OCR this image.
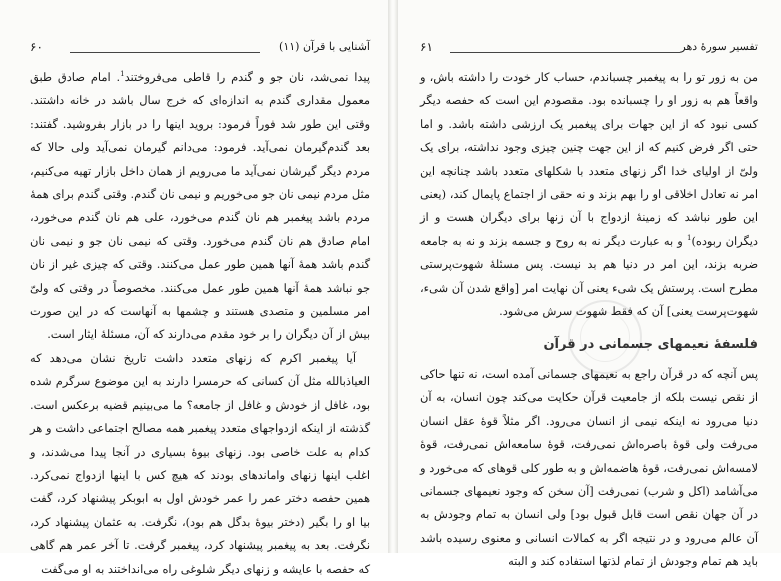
آشنایی با قرآن (۱۱)
۶۰

پیدا نمی‌شد، نان جو و گندم را قاطی می‌فروختند$^1$. امام صادق طبق معمول مقداری گندم به اندازه‌ای که خرج سال باشد در خانه داشتند. وقتی این طور شد فوراً فرمود: بروید اینها را در بازار بفروشید. گفتند: بعد گندم‌گیرمان نمی‌آید. فرمود: می‌دانم گیرمان نمی‌آید ولی حالا که مردم دیگر گیرشان نمی‌آید ما می‌رویم از همان داخل بازار تهیه می‌کنیم، مثل مردم نیمی نان جو می‌خوریم و نیمی نان گندم. وقتی گندم برای همهٔ مردم باشد پیغمبر هم نان گندم می‌خورد، علی هم نان گندم می‌خورد، امام صادق هم نان گندم می‌خورد. وقتی که نیمی نان جو و نیمی نان گندم باشد همهٔ آنها همین طور عمل می‌کنند. وقتی که چیزی غیر از نان جو نباشد همهٔ آنها همین طور عمل می‌کنند. مخصوصاً در وقتی که ولیّ امر مسلمین و متصدی هستند و چشمها به آنهاست که در این صورت بیش از آن دیگران را بر خود مقدم می‌دارند که آن، مسئلهٔ ایثار است.

آیا پیغمبر اکرم که زنهای متعدد داشت تاریخ نشان می‌دهد که العیاذبالله مثل آن کسانی که حرمسرا دارند به این موضوع سرگرم شده بود، غافل از خودش و غافل از جامعه؟ ما می‌بینیم قضیه برعکس است. گذشته از اینکه ازدواجهای متعدد پیغمبر همه مصالح اجتماعی داشت و هر کدام به علت خاصی بود. زنهای بیوهٔ بسیاری در آنجا پیدا می‌شدند، و اغلب اینها زنهای واماندهای بودند که هیچ کس با اینها ازدواج نمی‌کرد. همین حفصه دختر عمر را عمر خودش اول به ابوبکر پیشنهاد کرد، گفت بیا او را بگیر (دختر بیوهٔ بدگل هم بود)، نگرفت. به عثمان پیشنهاد کرد، نگرفت. بعد به پیغمبر پیشنهاد کرد، پیغمبر گرفت. تا آخر عمر هم گاهی که حفصه با عایشه و زنهای دیگر شلوغی راه می‌انداختند به او می‌گفت

تفسیر سورهٔ دهر
۶۱

من به زور تو را به پیغمبر چسباندم، حساب کار خودت را داشته باش، و واقعاً هم به زور او را چسبانده بود. مقصودم این است که حفصه دیگر کسی نبود که از این جهات برای پیغمبر یک ارزشی داشته باشد. و اما حتی اگر فرض کنیم که از این جهت چنین چیزی وجود نداشته، برای یک ولیّ از اولیای خدا اگر زنهای متعدد با شکلهای متعدد باشد چنانچه این امر نه تعادل اخلاقی او را بهم بزند و نه حقی از اجتماع پایمال کند، (یعنی این طور نباشد که زمینهٔ ازدواج با آن زنها برای دیگران هست و از دیگران ربوده)$^1$ و به عبارت دیگر نه به روح و جسمه بزند و نه به جامعه ضربه بزند، این امر در دنیا هم بد نیست. پس مسئلهٔ شهوت‌پرستی مطرح است. پرستش یک شیء یعنی آن نهایت امر [واقع شدن آن شیء، شهوت‌پرست یعنی] آن که فقط شهوت سرش می‌شود.

فلسفهٔ نعیمهای جسمانی در قرآن

پس آنچه که در قرآن راجع به نعیمهای جسمانی آمده است، نه تنها حاکی از نقص نیست بلکه از جامعیت قرآن حکایت می‌کند چون انسان، به آن دنیا می‌رود نه اینکه نیمی از انسان می‌رود. اگر مثلاً قوهٔ عقل انسان می‌رفت ولی قوهٔ باصره‌اش نمی‌رفت، قوهٔ سامعه‌اش نمی‌رفت، قوهٔ لامسه‌اش نمی‌رفت، قوهٔ هاضمه‌اش و به طور کلی قوهای که می‌خورد و می‌آشامد (اکل و شرب) نمی‌رفت [آن سخن که وجود نعیمهای جسمانی در آن جهان نقص است قابل قبول بود] ولی انسان به تمام وجودش به آن عالم می‌رود و در نتیجه اگر به کمالات انسانی و معنوی رسیده باشد باید هم تمام وجودش از تمام لذتها استفاده کند و البته
